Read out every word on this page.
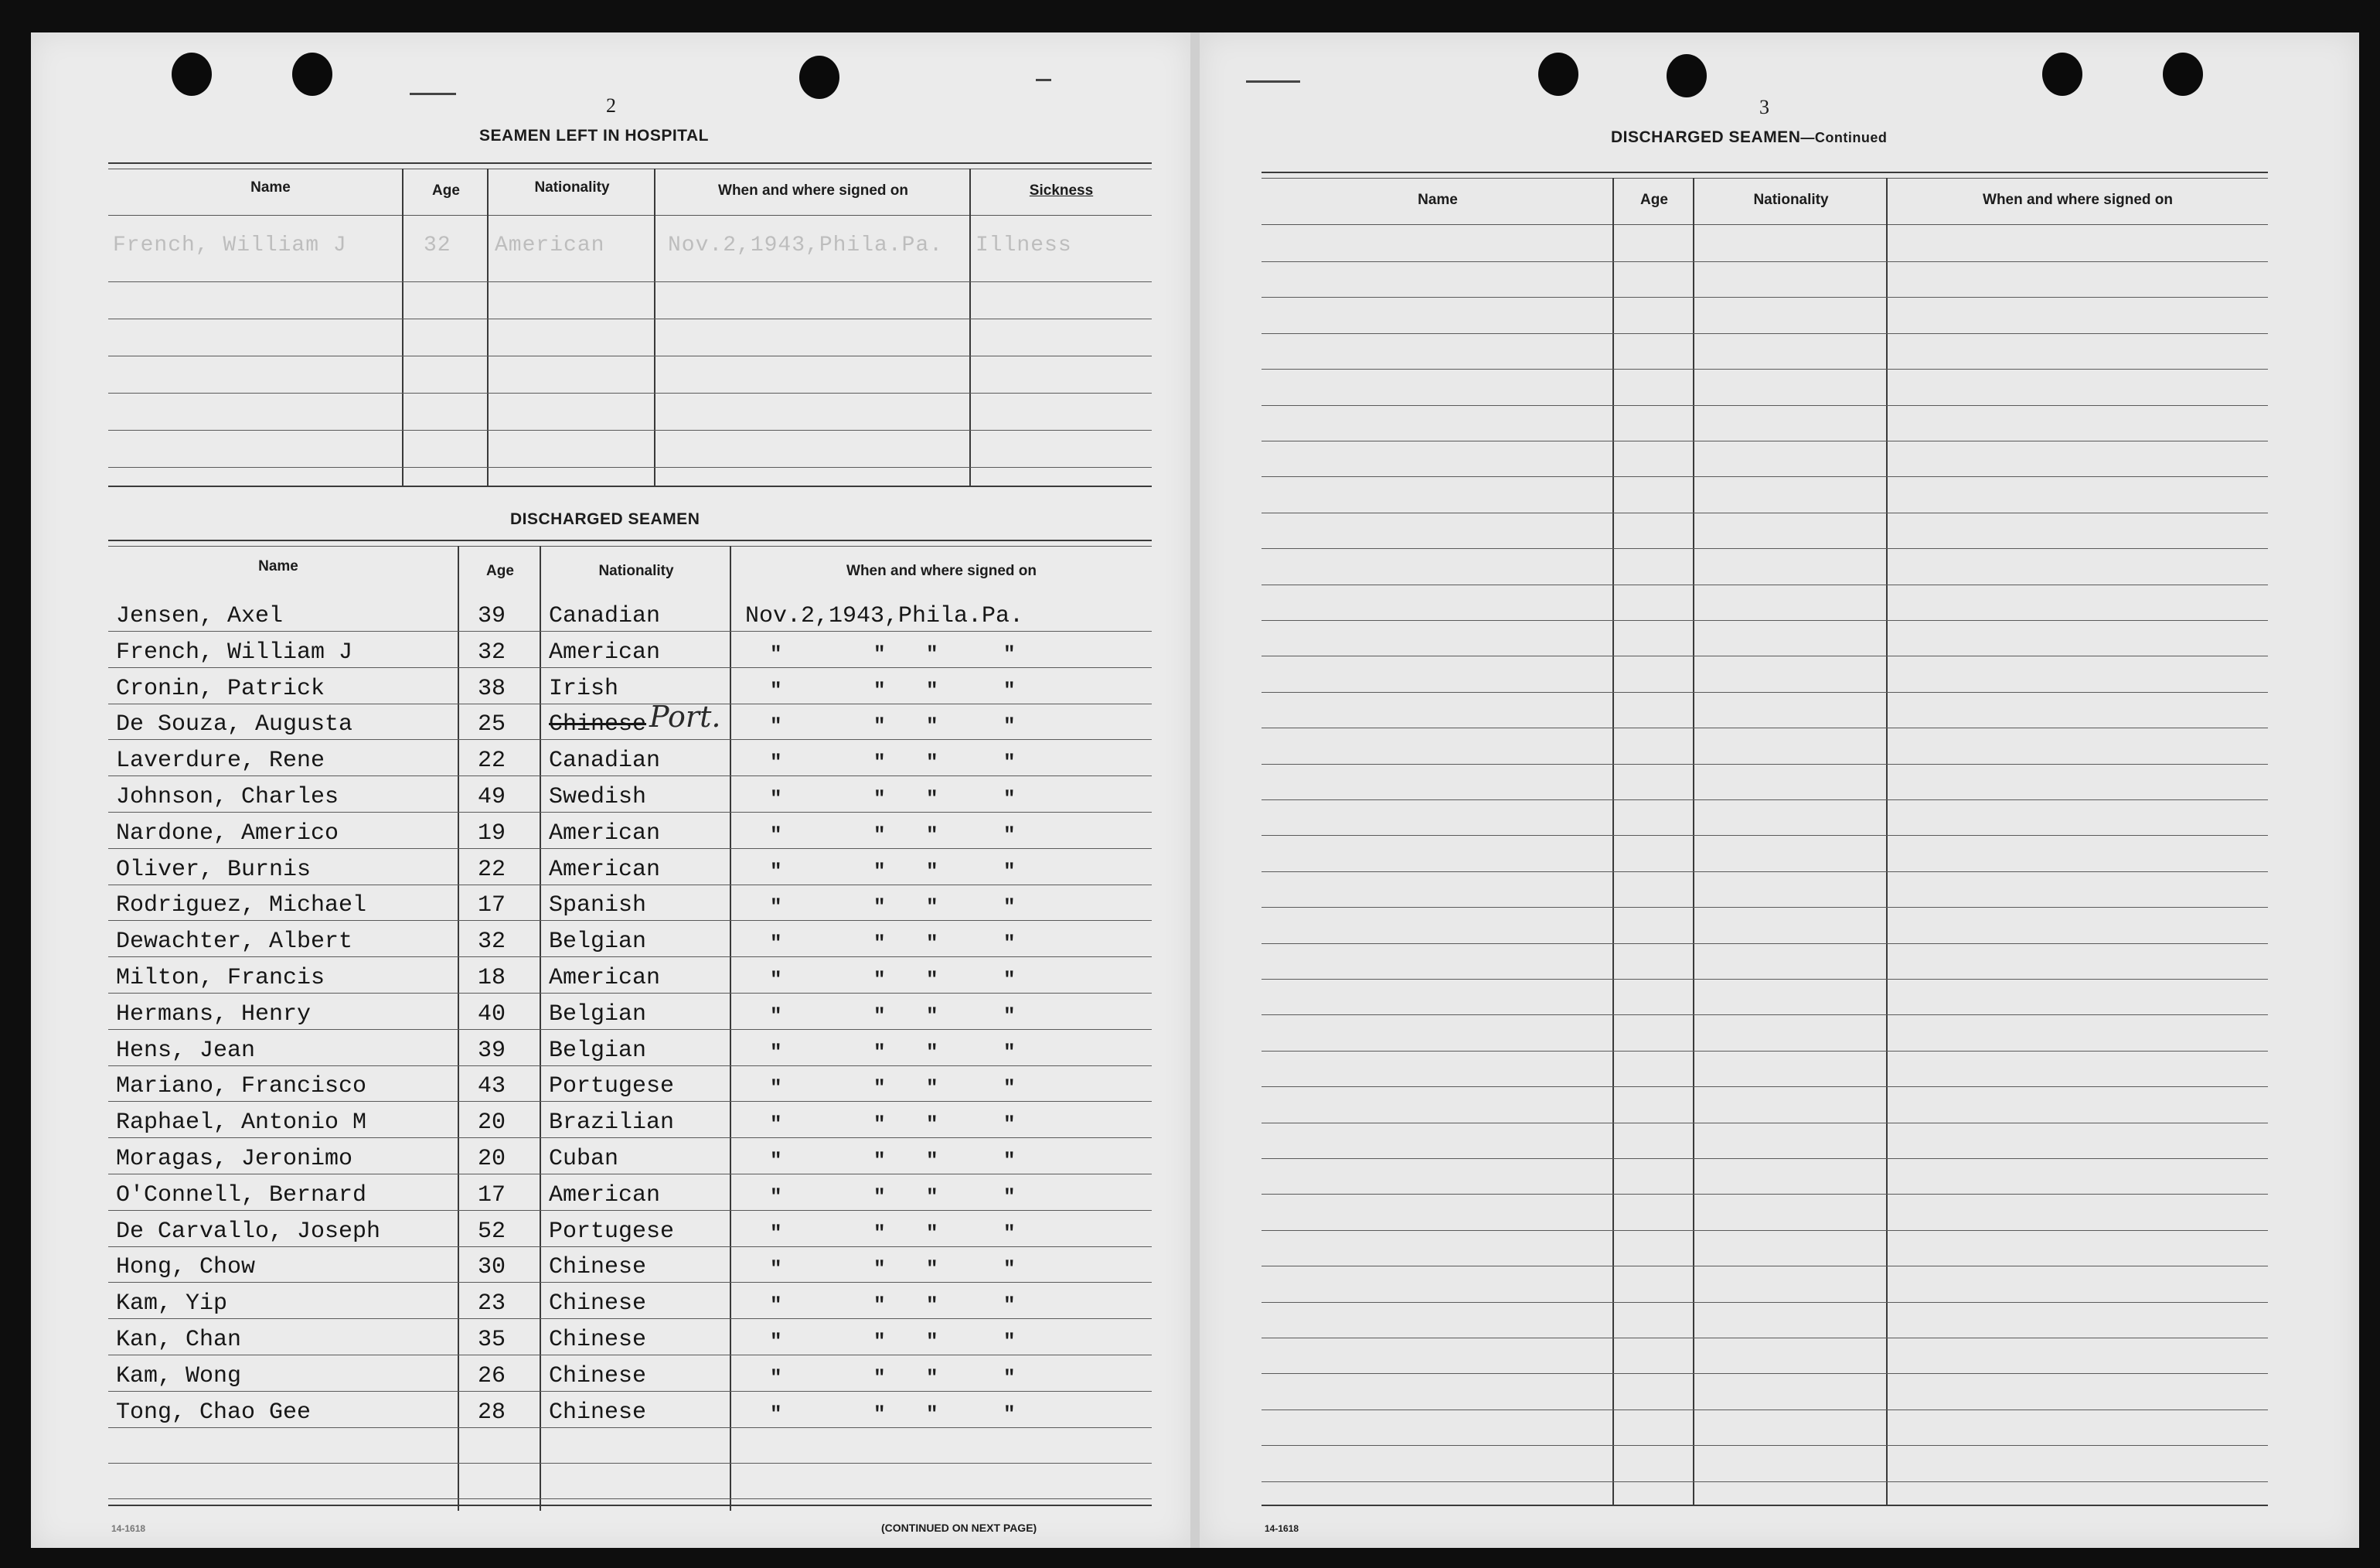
2
SEAMEN LEFT IN HOSPITAL
Name	Age	Nationality	When and where signed on	Sickness
French, William J	32 American	Nov.2,1943,Phila.Pa. Illness
DISCHARGED SEAMEN
Name	Age	Nationality	When and where signed on
Jensen, Axel	39 Canadian	Nov.2,1943,Phila.Pa.
French, William J	32 American	"	" "	"
Cronin, Patrick	38 Irish	"	" "	"
De Souza, Augusta	25 Chinese Port. "	" "	"
Laverdure, Rene	22 Canadian	"	" "	"
Johnson, Charles	49 Swedish	"	" "	"
Nardone, Americo	19 American	"	" "	"
Oliver, Burnis	22 American	"	" "	"
Rodriguez, Michael	17 Spanish	"	" "	"
Dewachter, Albert	32 Belgian	"	" "	"
Milton, Francis	18 American	"	" "	"
Hermans, Henry	40 Belgian	"	" "	"
Hens, Jean	39 Belgian	"	" "	"
Mariano, Francisco	43 Portugese	"	" "	"
Raphael, Antonio M	20 Brazilian	"	" "	"
Moragas, Jeronimo	20 Cuban	"	" "	"
O'Connell, Bernard	17 American	"	" "	"
De Carvallo, Joseph	52 Portugese	"	" "	"
Hong, Chow	30 Chinese	"	" "	"
Kam, Yip	23 Chinese	"	" "	"
Kan, Chan	35 Chinese	"	" "	"
Kam, Wong	26 Chinese	"	" "	"
Tong, Chao Gee	28 Chinese	"	" "	"
(CONTINUED ON NEXT PAGE)
14-1618
3
DISCHARGED SEAMEN—Continued
Name	Age	Nationality	When and where signed on
14-1618
